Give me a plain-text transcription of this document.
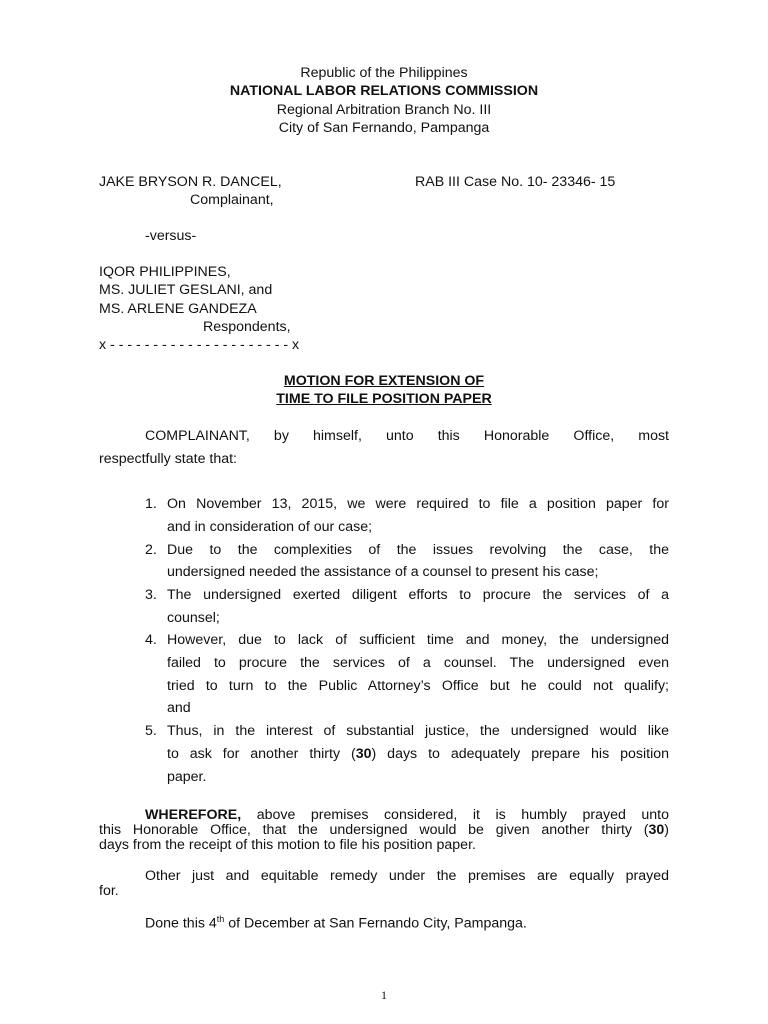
Republic of the Philippines
NATIONAL LABOR RELATIONS COMMISSION
Regional Arbitration Branch No. III
City of San Fernando, Pampanga
JAKE BRYSON R. DANCEL,	RAB III Case No. 10- 23346- 15
Complainant,
-versus-
IQOR PHILIPPINES,
MS. JULIET GESLANI, and
MS. ARLENE GANDEZA
Respondents,
x - - - - - - - - - - - - - - - - - - - - - x
MOTION FOR EXTENSION OF
TIME TO FILE POSITION PAPER
COMPLAINANT, by himself, unto this Honorable Office, most
respectfully state that:
1. On November 13, 2015, we were required to file a position paper for
and in consideration of our case;
2. Due to the complexities of the issues revolving the case, the
undersigned needed the assistance of a counsel to present his case;
3. The undersigned exerted diligent efforts to procure the services of a
counsel;
4. However, due to lack of sufficient time and money, the undersigned
failed to procure the services of a counsel. The undersigned even
tried to turn to the Public Attorney’s Office but he could not qualify;
and
5. Thus, in the interest of substantial justice, the undersigned would like
to ask for another thirty (30) days to adequately prepare his position
paper.
WHEREFORE, above premises considered, it is humbly prayed unto
this Honorable Office, that the undersigned would be given another thirty (30)
days from the receipt of this motion to file his position paper.
Other just and equitable remedy under the premises are equally prayed
for.
Done this 4th of December at San Fernando City, Pampanga.
1
